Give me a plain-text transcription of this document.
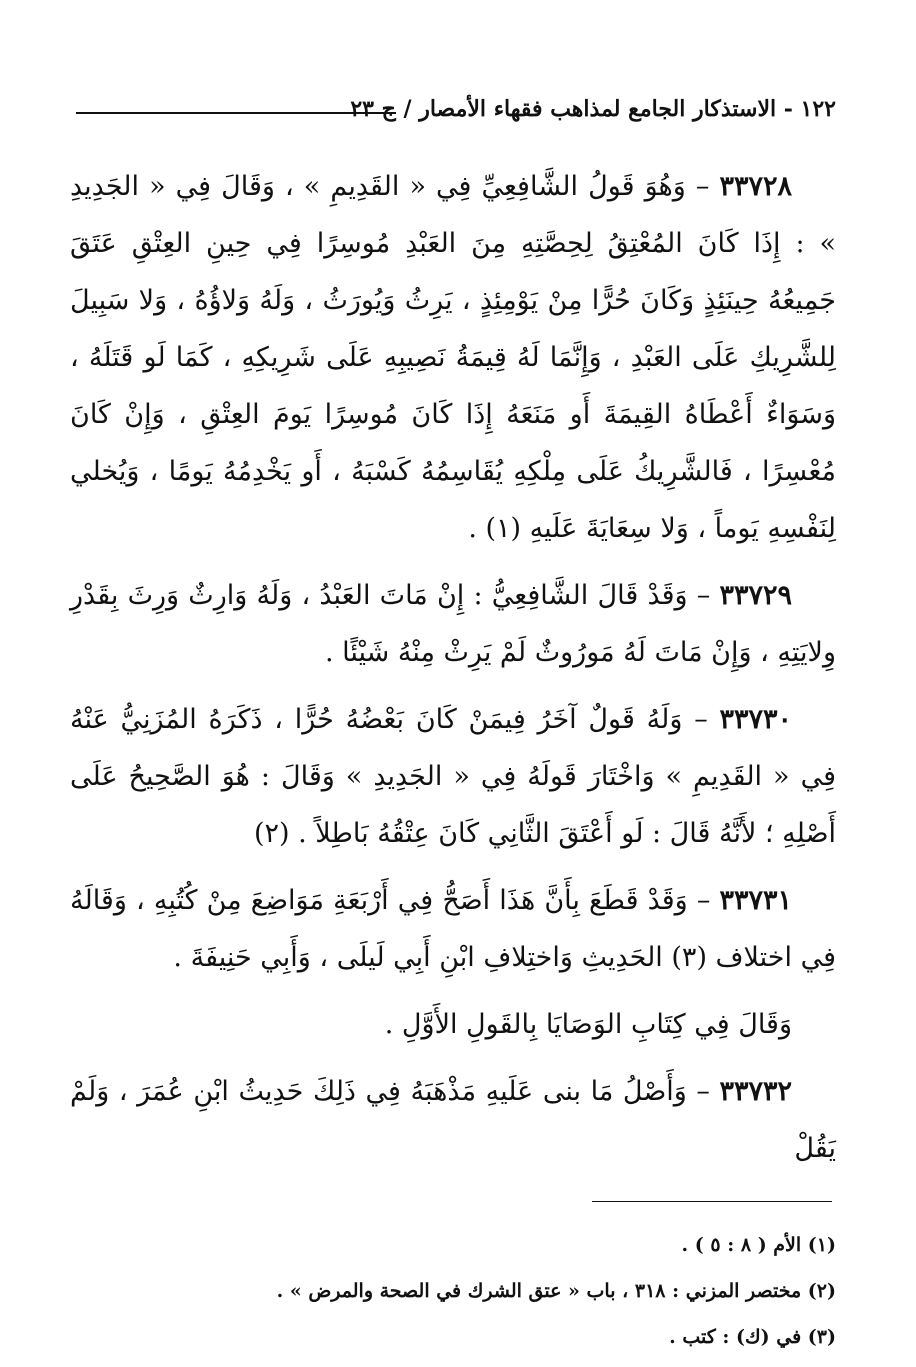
١٢٢ - الاستذكار الجامع لمذاهب فقهاء الأمصار / ج ٢٣

٣٣٧٢٨ – وَهُوَ قَولُ الشَّافِعِيِّ فِي « القَدِيمِ » ، وَقَالَ فِي « الجَدِيدِ » : إِذَا كَانَ المُعْتِقُ لِحِصَّتِهِ مِنَ العَبْدِ مُوسِرًا فِي حِينِ العِتْقِ عَتَقَ جَمِيعُهُ حِينَئِذٍ وَكَانَ حُرًّا مِنْ يَوْمِئِذٍ ، يَرِثُ وَيُورَثُ ، وَلَهُ وَلاؤُهُ ، وَلا سَبِيلَ لِلشَّرِيكِ عَلَى العَبْدِ ، وَإِنَّمَا لَهُ قِيمَةُ نَصِيبِهِ عَلَى شَرِيكِهِ ، كَمَا لَو قَتَلَهُ ، وَسَوَاءٌ أَعْطَاهُ القِيمَةَ أَو مَنَعَهُ إِذَا كَانَ مُوسِرًا يَومَ العِتْقِ ، وَإِنْ كَانَ مُعْسِرًا ، فَالشَّرِيكُ عَلَى مِلْكِهِ يُقَاسِمُهُ كَسْبَهُ ، أَو يَخْدِمُهُ يَومًا ، وَيُخلي لِنَفْسِهِ يَوماً ، وَلا سِعَايَةَ عَلَيهِ (١) .

٣٣٧٢٩ – وَقَدْ قَالَ الشَّافِعِيُّ : إِنْ مَاتَ العَبْدُ ، وَلَهُ وَارِثٌ وَرِثَ بِقَدْرِ وِلايَتِهِ ، وَإِنْ مَاتَ لَهُ مَورُوثٌ لَمْ يَرِثْ مِنْهُ شَيْئًا .

٣٣٧٣٠ – وَلَهُ قَولٌ آخَرُ فِيمَنْ كَانَ بَعْضُهُ حُرًّا ، ذَكَرَهُ المُزَنِيُّ عَنْهُ فِي « القَدِيمِ » وَاخْتَارَ قَولَهُ فِي « الجَدِيدِ » وَقَالَ : هُوَ الصَّحِيحُ عَلَى أَصْلِهِ ؛ لأَنَّهُ قَالَ : لَو أَعْتَقَ الثَّانِي كَانَ عِتْقُهُ بَاطِلاً . (٢)

٣٣٧٣١ – وَقَدْ قَطَعَ بِأَنَّ هَذَا أَصَحُّ فِي أَرْبَعَةِ مَوَاضِعَ مِنْ كُتُبِهِ ، وَقَالَهُ فِي اختلاف (٣) الحَدِيثِ وَاختِلافِ ابْنِ أَبِي لَيلَى ، وَأَبِي حَنِيفَةَ .

وَقَالَ فِي كِتَابِ الوَصَايَا بِالقَولِ الأَوَّلِ .

٣٣٧٣٢ – وَأَصْلُ مَا بنى عَلَيهِ مَذْهَبَهُ فِي ذَلِكَ حَدِيثُ ابْنِ عُمَرَ ، وَلَمْ يَقُلْ

(١) الأم ( ٨ : ٥ ) .

(٢) مختصر المزني : ٣١٨ ، باب « عتق الشرك في الصحة والمرض » .

(٣) في (ك) : كتب .
